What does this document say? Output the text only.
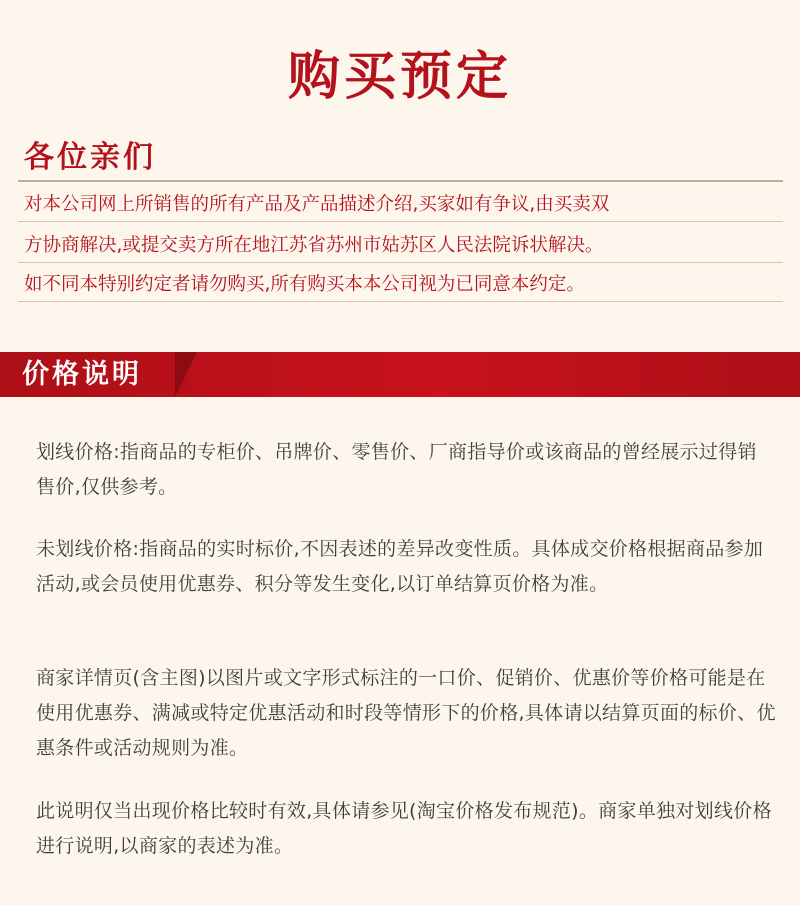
购买预定
各位亲们
对本公司网上所销售的所有产品及产品描述介绍,买家如有争议,由买卖双
方协商解决,或提交卖方所在地江苏省苏州市姑苏区人民法院诉状解决。
如不同本特别约定者请勿购买,所有购买本本公司视为已同意本约定。
价格说明
划线价格:指商品的专柜价、吊牌价、零售价、厂商指导价或该商品的曾经展示过得销售价,仅供参考。
未划线价格:指商品的实时标价,不因表述的差异改变性质。具体成交价格根据商品参加活动,或会员使用优惠券、积分等发生变化,以订单结算页价格为准。
商家详情页(含主图)以图片或文字形式标注的一口价、促销价、优惠价等价格可能是在使用优惠券、满减或特定优惠活动和时段等情形下的价格,具体请以结算页面的标价、优惠条件或活动规则为准。
此说明仅当出现价格比较时有效,具体请参见(淘宝价格发布规范)。商家单独对划线价格进行说明,以商家的表述为准。
